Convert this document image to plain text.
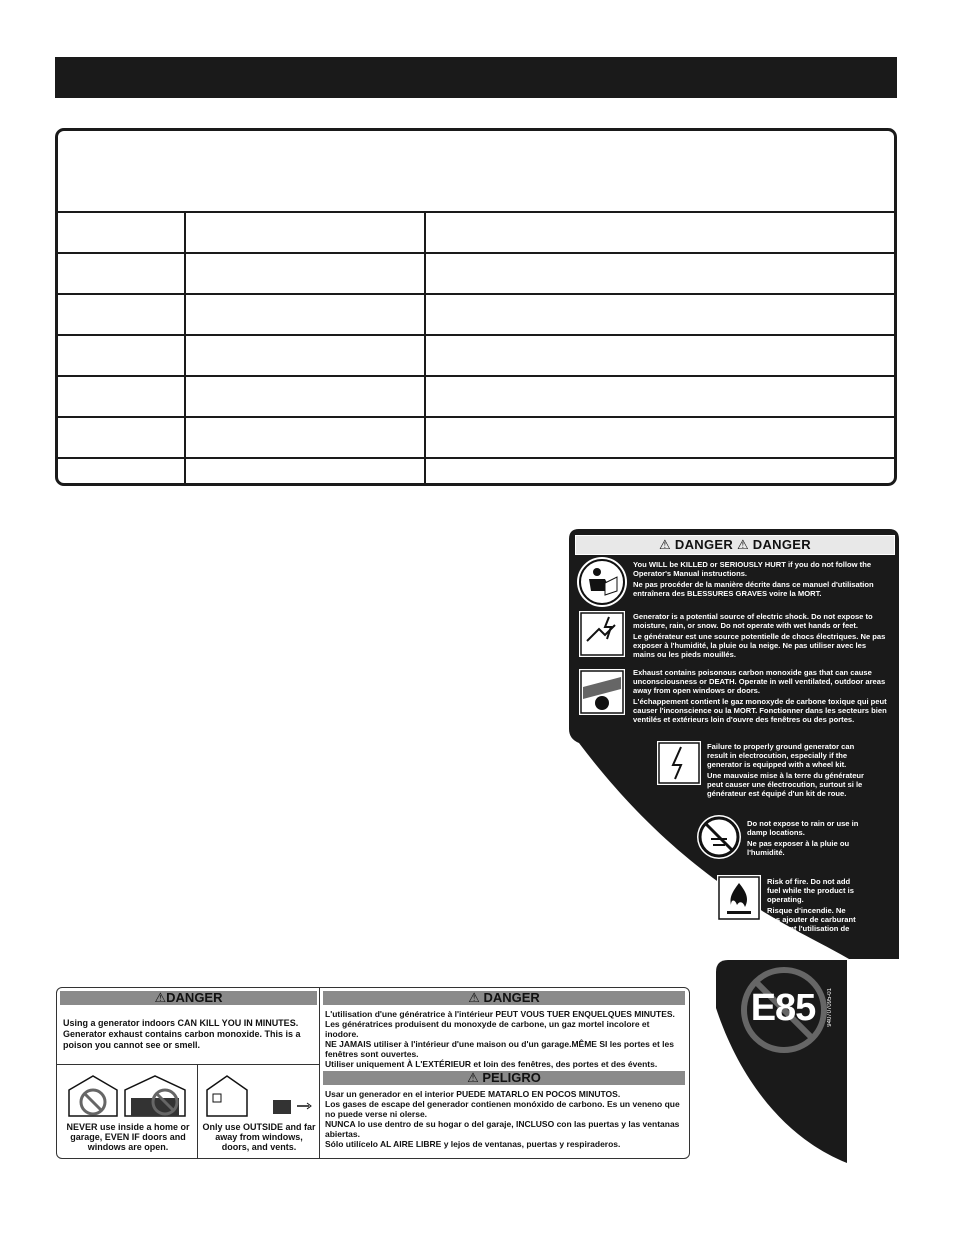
⚠ DANGER ⚠ DANGER

You WILL be KILLED or SERIOUSLY HURT if you do not follow the Operator's Manual instructions.

Ne pas procéder de la manière décrite dans ce manuel d'utilisation entraînera des BLESSURES GRAVES voire la MORT.

Generator is a potential source of electric shock. Do not expose to moisture, rain, or snow. Do not operate with wet hands or feet.

Le générateur est une source potentielle de chocs électriques. Ne pas exposer à l'humidité, la pluie ou la neige. Ne pas utiliser avec les mains ou les pieds mouillés.

Exhaust contains poisonous carbon monoxide gas that can cause unconsciousness or DEATH. Operate in well ventilated, outdoor areas away from open windows or doors.

L'échappement contient le gaz monoxyde de carbone toxique qui peut causer l'inconscience ou la MORT. Fonctionner dans les secteurs bien ventilés et extérieurs loin d'ouvre des fenêtres ou des portes.

Failure to properly ground generator can result in electrocution, especially if the generator is equipped with a wheel kit.

Une mauvaise mise à la terre du générateur peut causer une électrocution, surtout si le générateur est équipé d'un kit de roue.

Do not expose to rain or use in damp locations.

Ne pas exposer à la pluie ou l'humidité.

Risk of fire. Do not add fuel while the product is operating.

Risque d'incendie. Ne pas ajouter de carburant pendant l'utilisation de l'appareil.

E85	940707095-01
⚠DANGER	⚠ DANGER

Using a generator indoors CAN KILL YOU IN MINUTES.

Generator exhaust contains carbon monoxide. This is a poison you cannot see or smell.

L'utilisation d'une génératrice à l'intérieur PEUT VOUS TUER ENQUELQUES MINUTES.

Les génératrices produisent du monoxyde de carbone, un gaz mortel incolore et inodore.

NE JAMAIS utiliser à l'intérieur d'une maison ou d'un garage.MÊME SI les portes et les fenêtres sont ouvertes.

Utiliser uniquement À L'EXTÉRIEUR et loin des fenêtres, des portes et des évents.

⚠ PELIGRO

Usar un generador en el interior PUEDE MATARLO EN POCOS MINUTOS.

Los gases de escape del generador contienen monóxido de carbono. Es un veneno que no puede verse ni olerse.

NUNCA lo use dentro de su hogar o del garaje, INCLUSO con las puertas y las ventanas abiertas.

Sólo utilícelo AL AIRE LIBRE y lejos de ventanas, puertas y respiraderos.

NEVER use inside a home or garage, EVEN IF doors and windows are open.
Only use OUTSIDE and far away from windows, doors, and vents.
